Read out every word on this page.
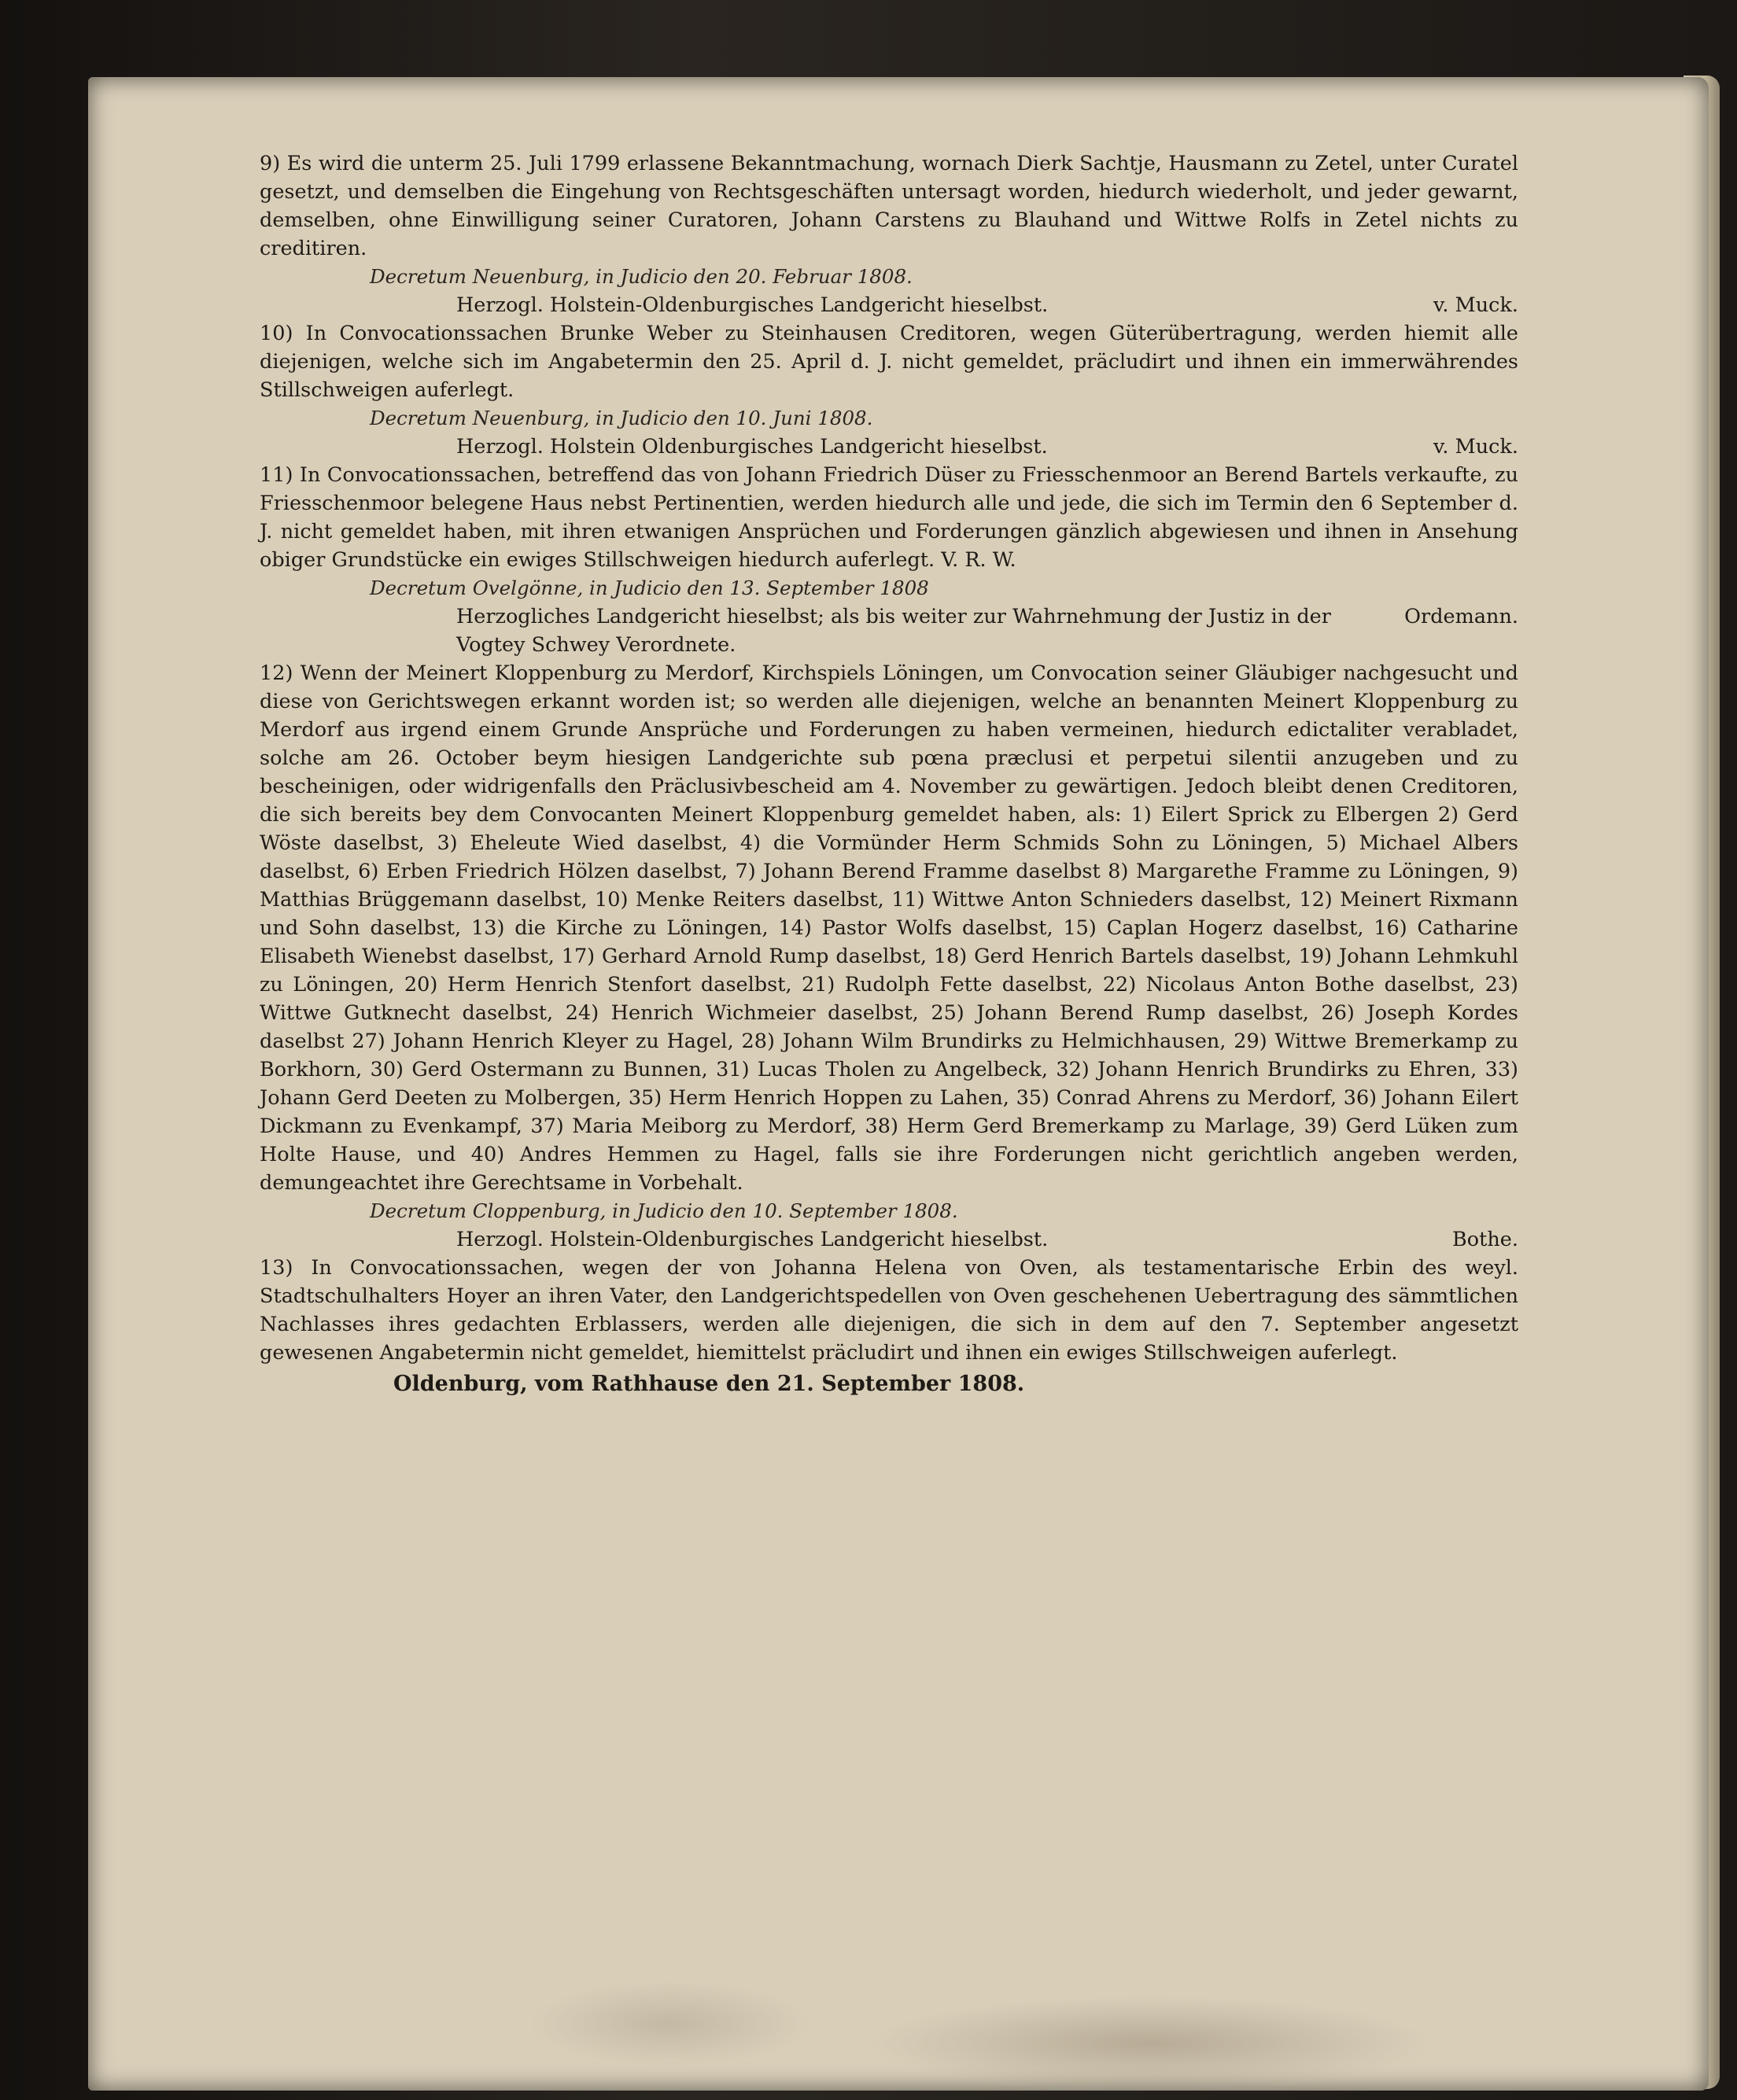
9) Es wird die unterm 25. Juli 1799 erlassene Bekanntmachung, wornach Dierk Sachtje, Hausmann zu Zetel, unter Curatel gesetzt, und demselben die Eingehung von Rechtsgeschäften untersagt worden, hiedurch wiederholt, und jeder gewarnt, demselben, ohne Einwilligung seiner Curatoren, Johann Carstens zu Blauhand und Wittwe Rolfs in Zetel nichts zu creditiren.

Decretum Neuenburg, in Judicio den 20. Februar 1808.

Herzogl. Holstein-Oldenburgisches Landgericht hieselbst.	v. Muck.

10) In Convocationssachen Brunke Weber zu Steinhausen Creditoren, wegen Güterübertragung, werden hiemit alle diejenigen, welche sich im Angabetermin den 25. April d. J. nicht gemeldet, präcludirt und ihnen ein immerwährendes Stillschweigen auferlegt.

Decretum Neuenburg, in Judicio den 10. Juni 1808.

Herzogl. Holstein Oldenburgisches Landgericht hieselbst.	v. Muck.

11) In Convocationssachen, betreffend das von Johann Friedrich Düser zu Friesschenmoor an Berend Bartels verkaufte, zu Friesschenmoor belegene Haus nebst Pertinentien, werden hiedurch alle und jede, die sich im Termin den 6 September d. J. nicht gemeldet haben, mit ihren etwanigen Ansprüchen und Forderungen gänzlich abgewiesen und ihnen in Ansehung obiger Grundstücke ein ewiges Stillschweigen hiedurch auferlegt. V. R. W.

Decretum Ovelgönne, in Judicio den 13. September 1808

Herzogliches Landgericht hieselbst; als bis weiter zur Wahrnehmung der Justiz in der Vogtey Schwey Verordnete.
Ordemann.

12) Wenn der Meinert Kloppenburg zu Merdorf, Kirchspiels Löningen, um Convocation seiner Gläubiger nachgesucht und diese von Gerichtswegen erkannt worden ist; so werden alle diejenigen, welche an benannten Meinert Kloppenburg zu Merdorf aus irgend einem Grunde Ansprüche und Forderungen zu haben vermeinen, hiedurch edictaliter verabladet, solche am 26. October beym hiesigen Landgerichte sub pœna præclusi et perpetui silentii anzugeben und zu bescheinigen, oder widrigenfalls den Präclusivbescheid am 4. November zu gewärtigen. Jedoch bleibt denen Creditoren, die sich bereits bey dem Convocanten Meinert Kloppenburg gemeldet haben, als: 1) Eilert Sprick zu Elbergen 2) Gerd Wöste daselbst, 3) Eheleute Wied daselbst, 4) die Vormünder Herm Schmids Sohn zu Löningen, 5) Michael Albers daselbst, 6) Erben Friedrich Hölzen daselbst, 7) Johann Berend Framme daselbst 8) Margarethe Framme zu Löningen, 9) Matthias Brüggemann daselbst, 10) Menke Reiters daselbst, 11) Wittwe Anton Schnieders daselbst, 12) Meinert Rixmann und Sohn daselbst, 13) die Kirche zu Löningen, 14) Pastor Wolfs daselbst, 15) Caplan Hogerz daselbst, 16) Catharine Elisabeth Wienebst daselbst, 17) Gerhard Arnold Rump daselbst, 18) Gerd Henrich Bartels daselbst, 19) Johann Lehmkuhl zu Löningen, 20) Herm Henrich Stenfort daselbst, 21) Rudolph Fette daselbst, 22) Nicolaus Anton Bothe daselbst, 23) Wittwe Gutknecht daselbst, 24) Henrich Wichmeier daselbst, 25) Johann Berend Rump daselbst, 26) Joseph Kordes daselbst 27) Johann Henrich Kleyer zu Hagel, 28) Johann Wilm Brundirks zu Helmichhausen, 29) Wittwe Bremerkamp zu Borkhorn, 30) Gerd Ostermann zu Bunnen, 31) Lucas Tholen zu Angelbeck, 32) Johann Henrich Brundirks zu Ehren, 33) Johann Gerd Deeten zu Molbergen, 35) Herm Henrich Hoppen zu Lahen, 35) Conrad Ahrens zu Merdorf, 36) Johann Eilert Dickmann zu Evenkampf, 37) Maria Meiborg zu Merdorf, 38) Herm Gerd Bremerkamp zu Marlage, 39) Gerd Lüken zum Holte Hause, und 40) Andres Hemmen zu Hagel, falls sie ihre Forderungen nicht gerichtlich angeben werden, demungeachtet ihre Gerechtsame in Vorbehalt.

Decretum Cloppenburg, in Judicio den 10. September 1808.

Herzogl. Holstein-Oldenburgisches Landgericht hieselbst.	Bothe.

13) In Convocationssachen, wegen der von Johanna Helena von Oven, als testamentarische Erbin des weyl. Stadtschulhalters Hoyer an ihren Vater, den Landgerichtspedellen von Oven geschehenen Uebertragung des sämmtlichen Nachlasses ihres gedachten Erblassers, werden alle diejenigen, die sich in dem auf den 7. September angesetzt gewesenen Angabetermin nicht gemeldet, hiemittelst präcludirt und ihnen ein ewiges Stillschweigen auferlegt.

Oldenburg, vom Rathhause den 21. September 1808.
